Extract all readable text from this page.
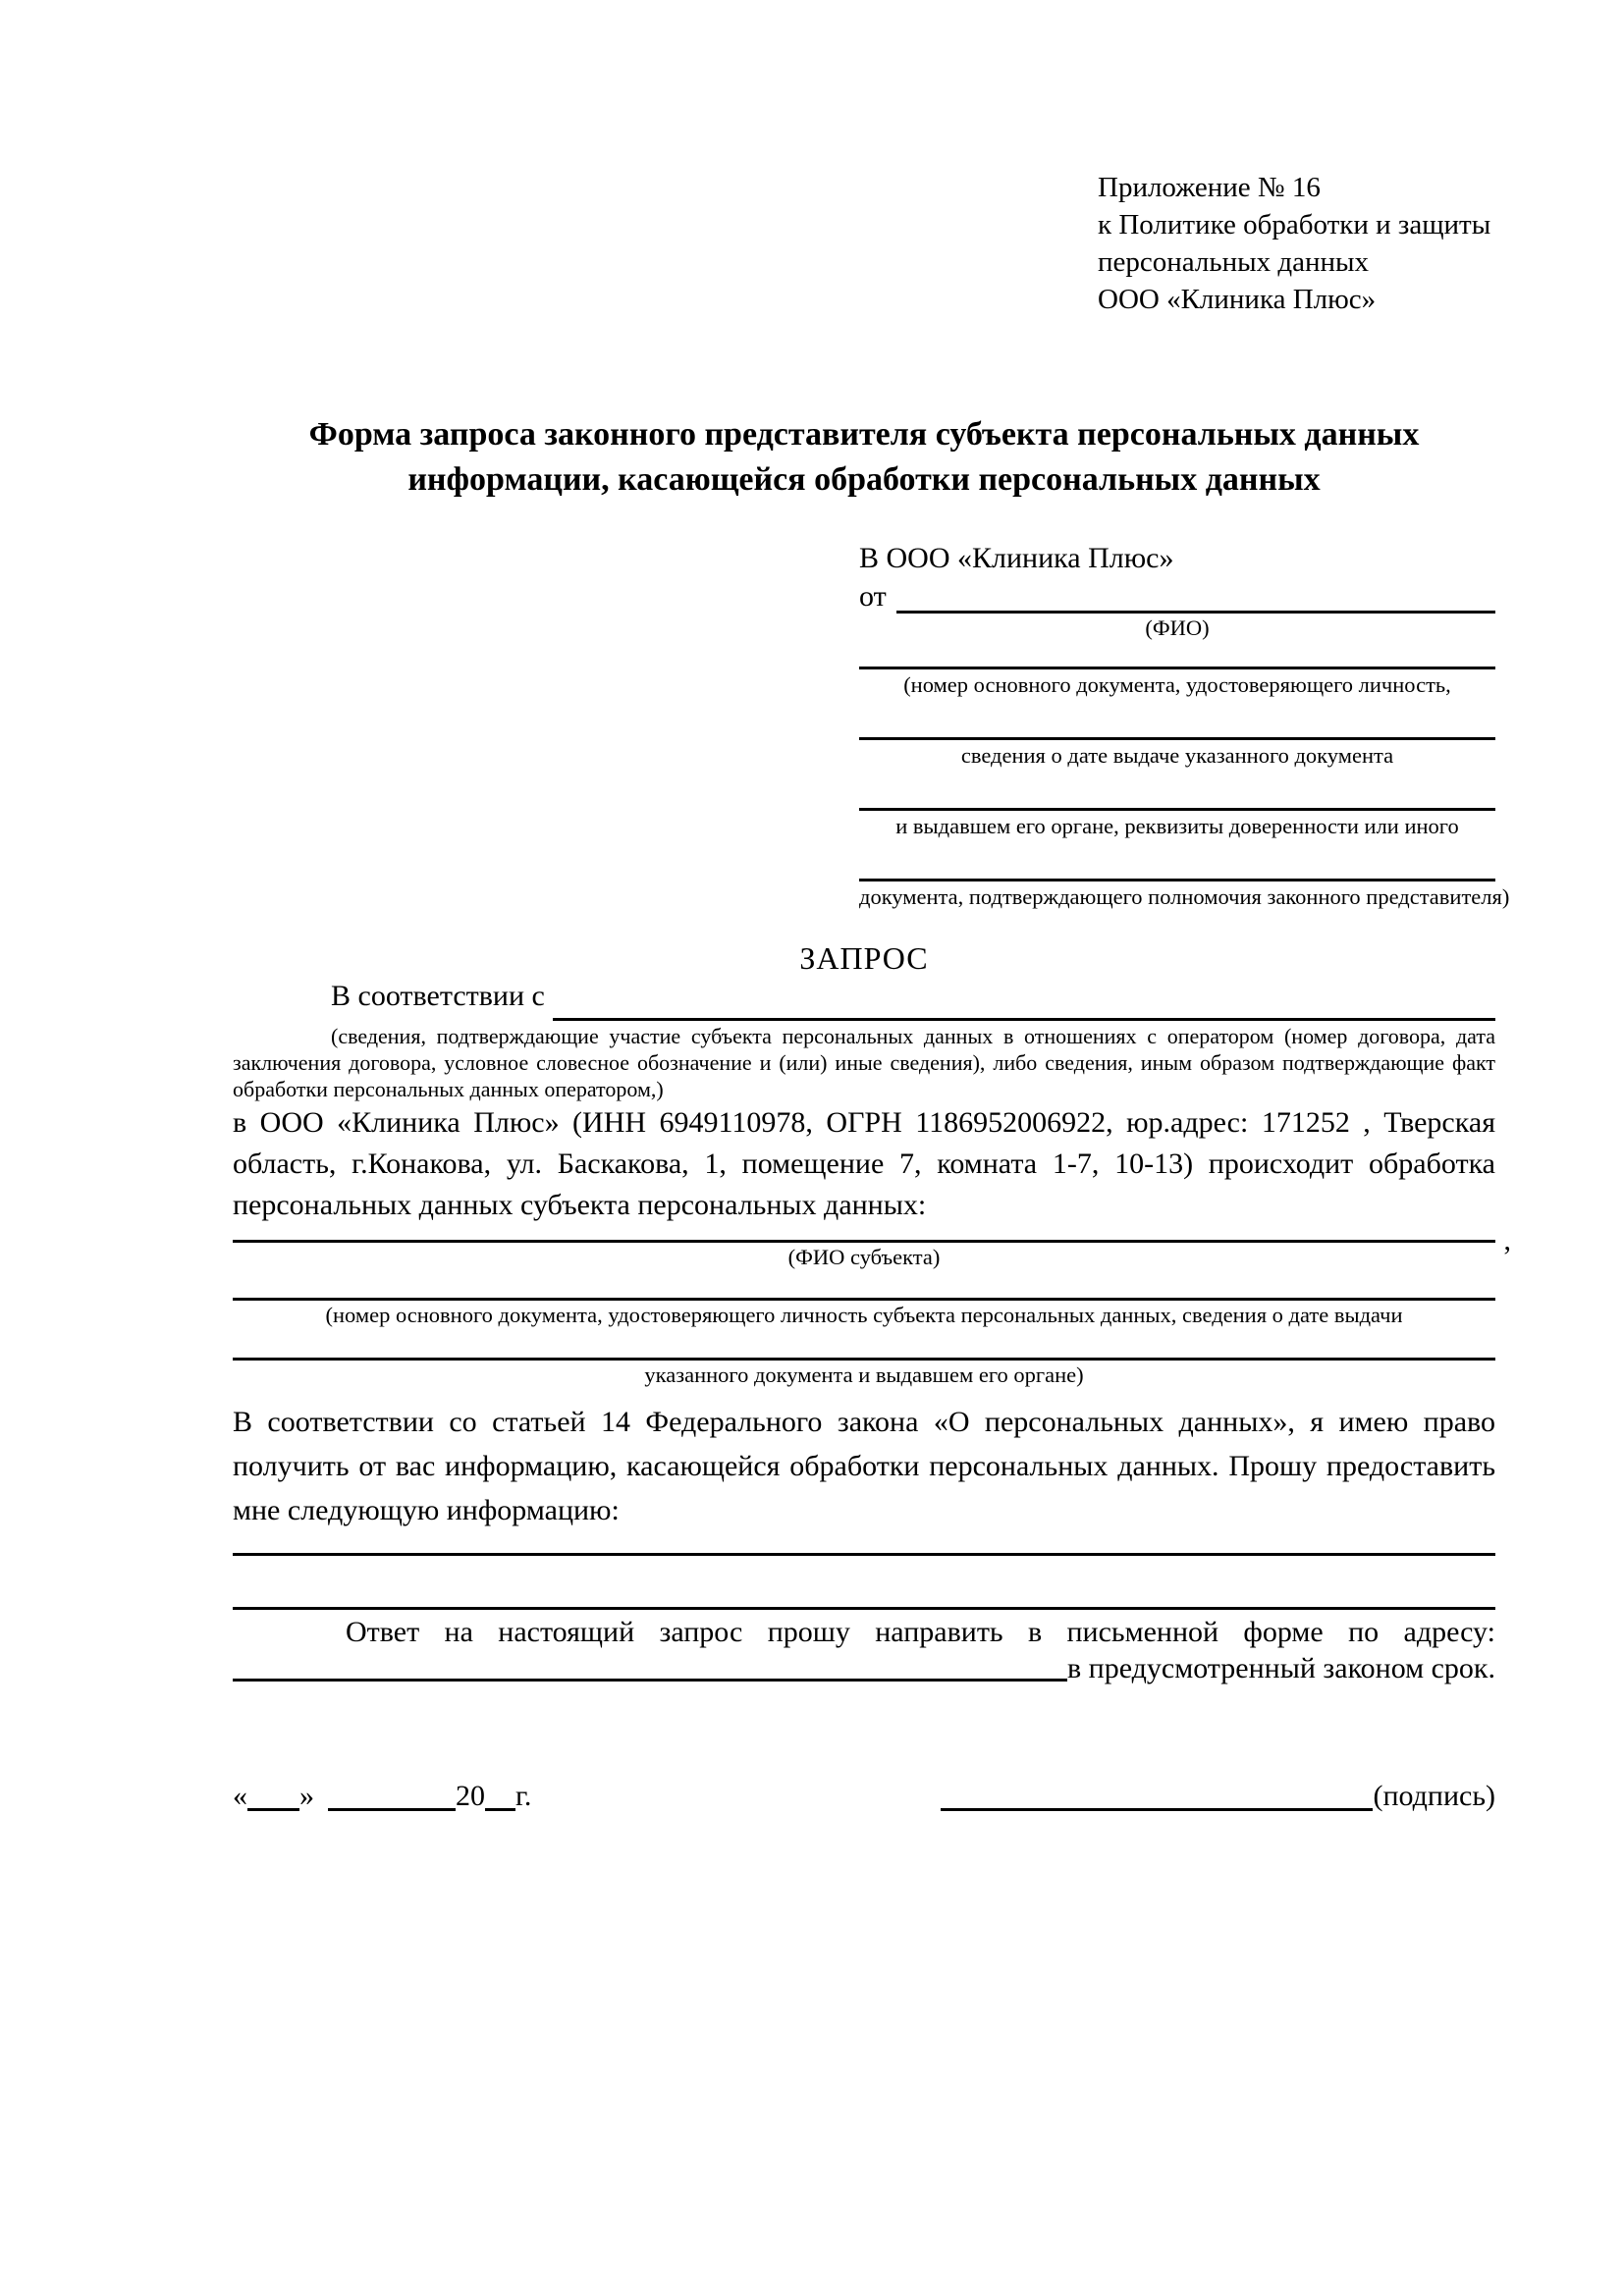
Приложение № 16
к Политике обработки и защиты
персональных данных
ООО «Клиника Плюс»
Форма запроса законного представителя субъекта персональных данных
информации, касающейся обработки персональных данных
В ООО «Клиника Плюс»
от
(ФИО)
(номер основного документа, удостоверяющего личность,
сведения о дате выдаче указанного документа
и выдавшем его органе, реквизиты доверенности или иного
документа, подтверждающего полномочия законного представителя)
ЗАПРОС
В соответствии с
(сведения, подтверждающие участие субъекта персональных данных в отношениях с оператором (номер договора, дата заключения договора, условное словесное обозначение и (или) иные сведения), либо сведения, иным образом подтверждающие факт обработки персональных данных оператором,)
в ООО «Клиника Плюс» (ИНН 6949110978, ОГРН 1186952006922, юр.адрес: 171252 , Тверская область, г.Конакова, ул. Баскакова, 1, помещение 7, комната 1-7, 10-13) происходит обработка персональных данных субъекта персональных данных:
,
(ФИО субъекта)
(номер основного документа, удостоверяющего личность субъекта персональных данных, сведения о дате выдачи
указанного документа и выдавшем его органе)
В соответствии со статьей 14 Федерального закона «О персональных данных», я имею право получить от вас информацию, касающейся обработки персональных данных. Прошу предоставить мне следующую информацию:
Ответ на настоящий запрос прошу направить в письменной форме по адресу:
в предусмотренный законом срок.
« »	20 г.	(подпись)
